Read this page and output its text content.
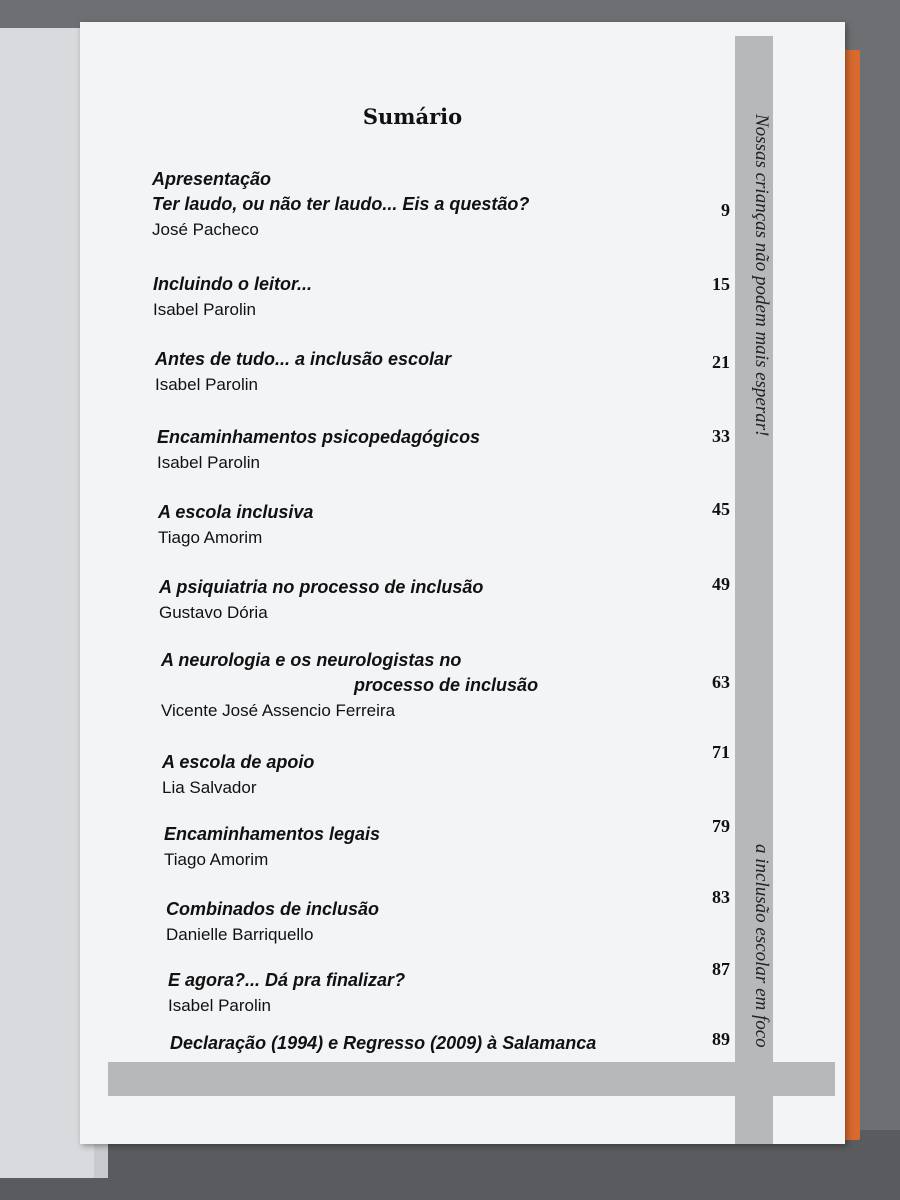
Sumário
Apresentação
Ter laudo, ou não ter laudo... Eis a questão?
José Pacheco
9
Incluindo o leitor...
Isabel Parolin
15
Antes de tudo... a inclusão escolar
Isabel Parolin
21
Encaminhamentos psicopedagógicos
Isabel Parolin
33
A escola inclusiva
Tiago Amorim
45
A psiquiatria no processo de inclusão
Gustavo Dória
49
A neurologia e os neurologistas no
processo de inclusão
Vicente José Assencio Ferreira
63
A escola de apoio
Lia Salvador
71
Encaminhamentos legais
Tiago Amorim
79
Combinados de inclusão
Danielle Barriquello
83
E agora?... Dá pra finalizar?
Isabel Parolin
87
Declaração (1994) e Regresso (2009) à Salamanca	89
Nossas crianças não podem mais esperar!
a inclusão escolar em foco
